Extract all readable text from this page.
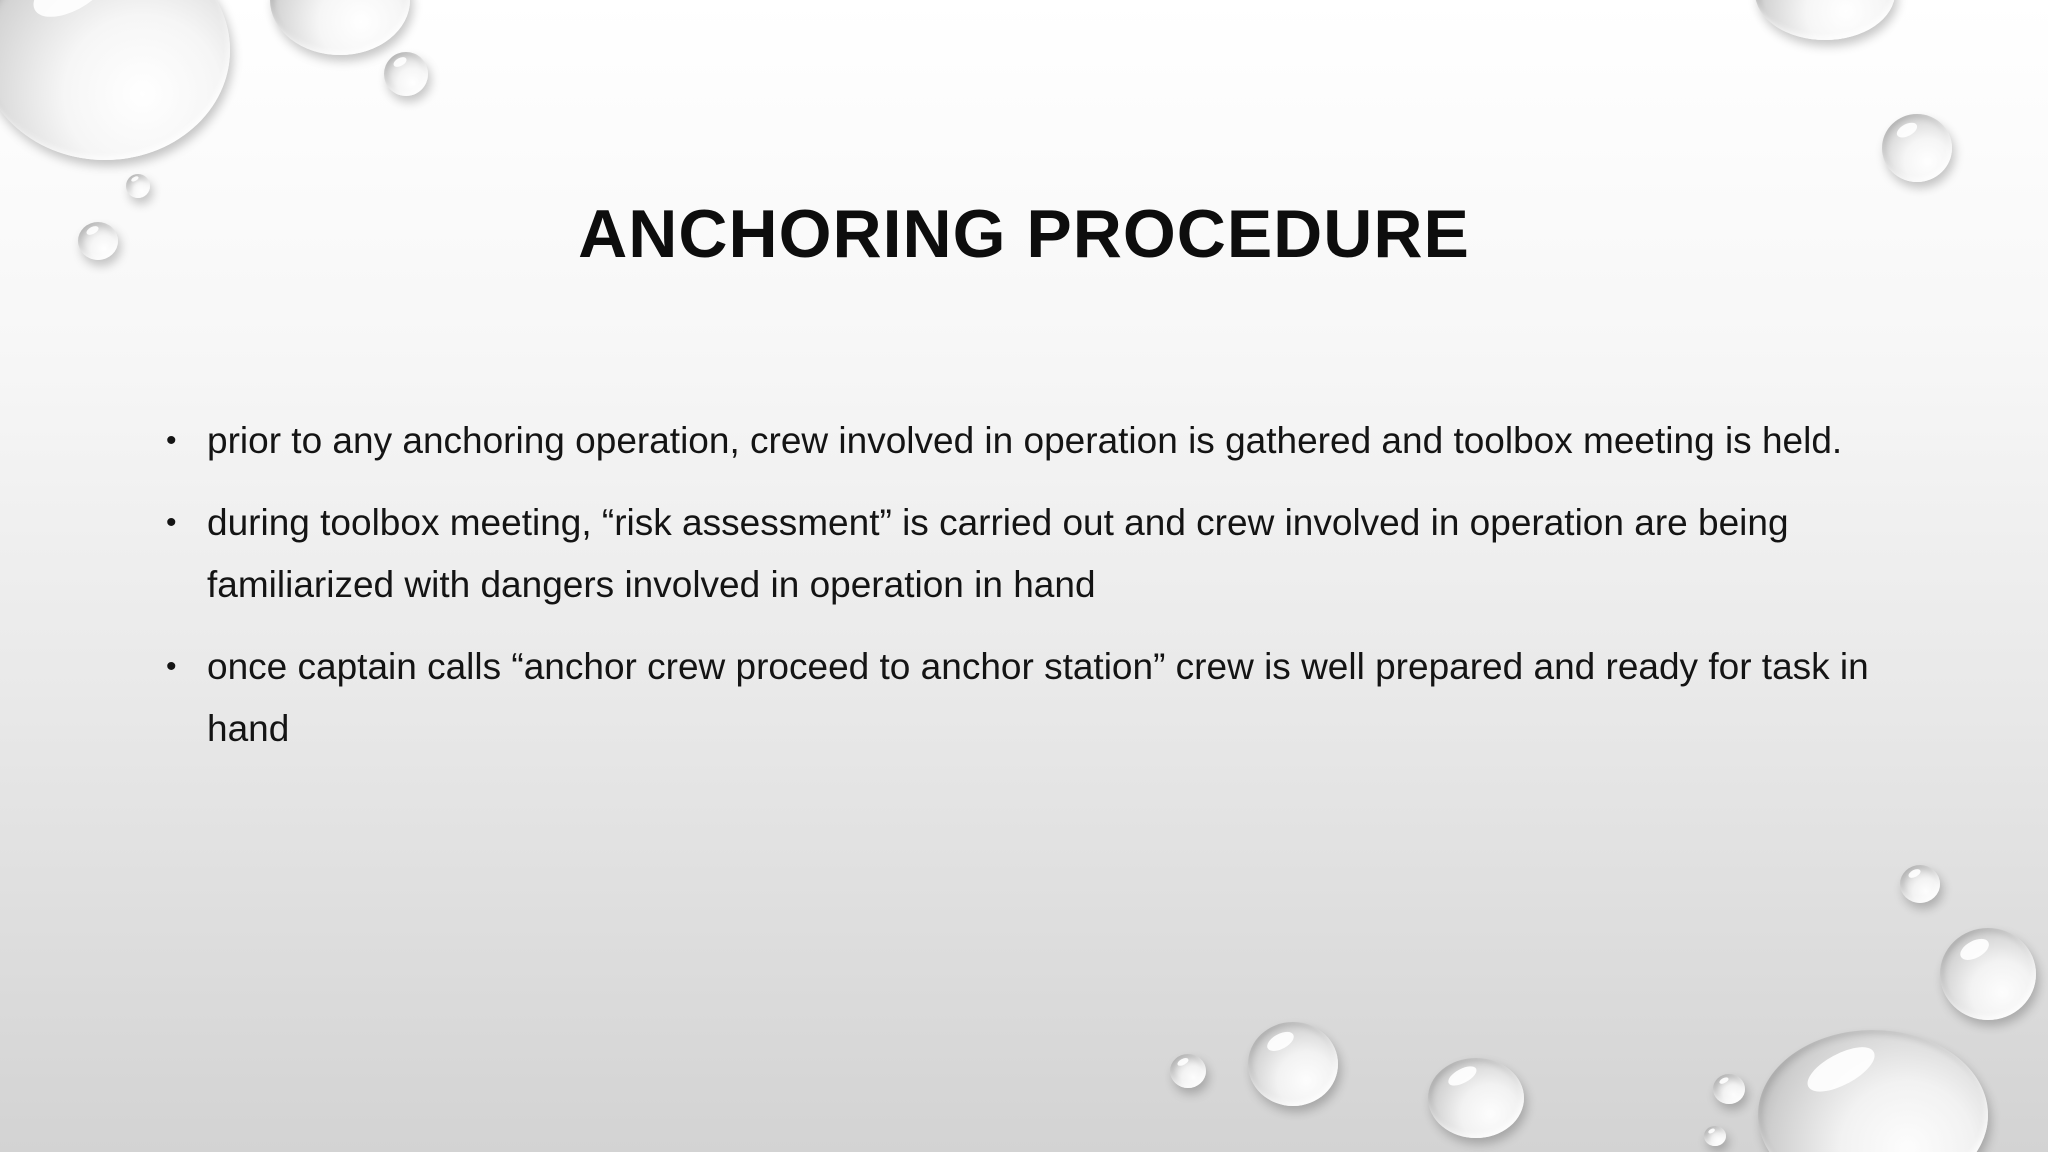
ANCHORING PROCEDURE
• prior to any anchoring operation, crew involved in operation is gathered and toolbox meeting is held.
• during toolbox meeting, “risk assessment” is carried out and crew involved in operation are being familiarized with dangers involved in operation in hand
• once captain calls “anchor crew proceed to anchor station” crew is well prepared and ready for task in hand
